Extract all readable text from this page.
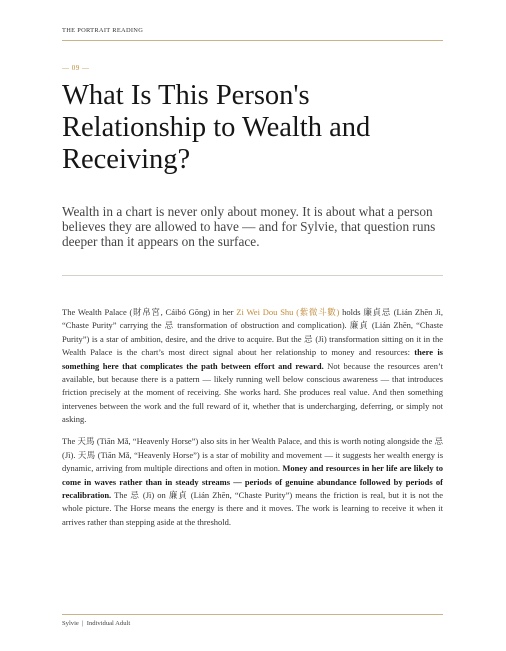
THE PORTRAIT READING
— 09 —
What Is This Person's Relationship to Wealth and Receiving?

Wealth in a chart is never only about money. It is about what a person believes they are allowed to have — and for Sylvie, that question runs deeper than it appears on the surface.

The Wealth Palace (財帛宮, Cáibó Gōng) in her Zi Wei Dou Shu (紫微斗數) holds 廉貞忌 (Lián Zhēn Jì, “Chaste Purity” carrying the 忌 transformation of obstruction and complication). 廉貞 (Lián Zhēn, “Chaste Purity”) is a star of ambition, desire, and the drive to acquire. But the 忌 (Jì) transformation sitting on it in the Wealth Palace is the chart’s most direct signal about her relationship to money and resources: there is something here that complicates the path between effort and reward. Not because the resources aren’t available, but because there is a pattern — likely running well below conscious awareness — that introduces friction precisely at the moment of receiving. She works hard. She produces real value. And then something intervenes between the work and the full reward of it, whether that is undercharging, deferring, or simply not asking.

The 天馬 (Tiān Mǎ, “Heavenly Horse”) also sits in her Wealth Palace, and this is worth noting alongside the 忌 (Jì). 天馬 (Tiān Mǎ, “Heavenly Horse”) is a star of mobility and movement — it suggests her wealth energy is dynamic, arriving from multiple directions and often in motion. Money and resources in her life are likely to come in waves rather than in steady streams — periods of genuine abundance followed by periods of recalibration. The 忌 (Jì) on 廉貞 (Lián Zhēn, “Chaste Purity”) means the friction is real, but it is not the whole picture. The Horse means the energy is there and it moves. The work is learning to receive it when it arrives rather than stepping aside at the threshold.

Sylvie | Individual Adult
